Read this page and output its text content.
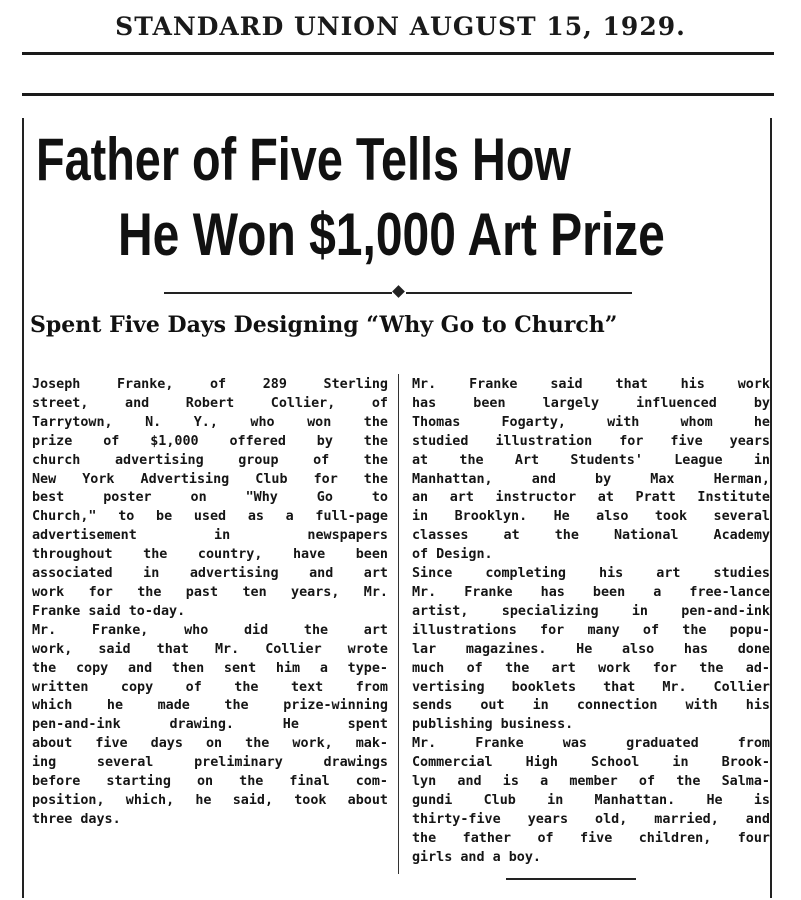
STANDARD UNION AUGUST 15, 1929.
Father of Five Tells How
He Won $1,000 Art Prize
Spent Five Days Designing “Why Go to Church”
Joseph Franke, of 289 Sterling
street, and Robert Collier, of
Tarrytown, N. Y., who won the
prize of $1,000 offered by the
church advertising group of the
New York Advertising Club for the
best poster on "Why Go to
Church," to be used as a full-page
advertisement in newspapers
throughout the country, have been
associated in advertising and art
work for the past ten years, Mr.
Franke said to-day.
Mr. Franke, who did the art
work, said that Mr. Collier wrote
the copy and then sent him a type-
written copy of the text from
which he made the prize-winning
pen-and-ink drawing. He spent
about five days on the work, mak-
ing several preliminary drawings
before starting on the final com-
position, which, he said, took about
three days.
Mr. Franke said that his work
has been largely influenced by
Thomas Fogarty, with whom he
studied illustration for five years
at the Art Students' League in
Manhattan, and by Max Herman,
an art instructor at Pratt Institute
in Brooklyn. He also took several
classes at the National Academy
of Design.
Since completing his art studies
Mr. Franke has been a free-lance
artist, specializing in pen-and-ink
illustrations for many of the popu-
lar magazines. He also has done
much of the art work for the ad-
vertising booklets that Mr. Collier
sends out in connection with his
publishing business.
Mr. Franke was graduated from
Commercial High School in Brook-
lyn and is a member of the Salma-
gundi Club in Manhattan. He is
thirty-five years old, married, and
the father of five children, four
girls and a boy.
